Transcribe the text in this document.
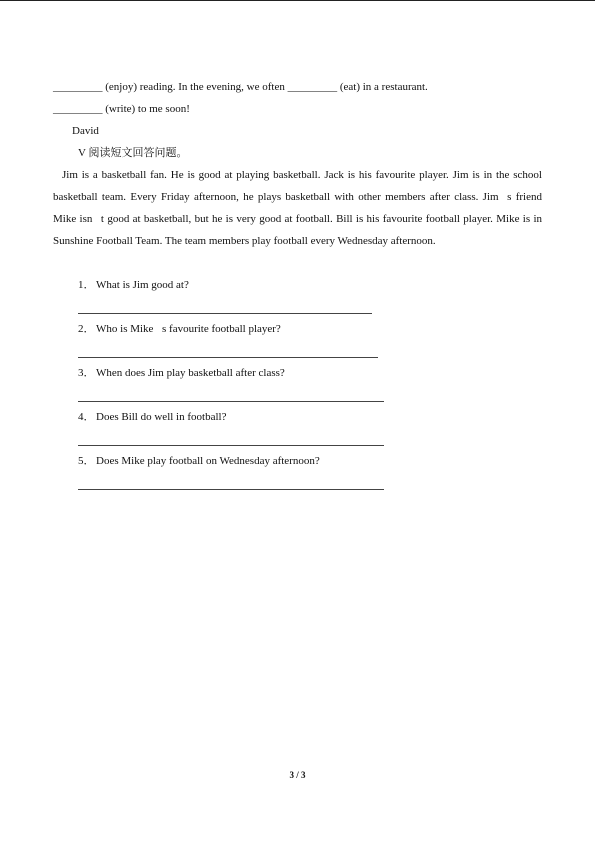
_________ (enjoy) reading. In the evening, we often _________ (eat) in a restaurant.
_________ (write) to me soon!
David
V 阅读短文回答问题。

Jim is a basketball fan. He is good at playing basketball. Jack is his favourite player. Jim is in the school basketball team. Every Friday afternoon, he plays basketball with other members after class. Jim s friend Mike isn t good at basketball, but he is very good at football. Bill is his favourite football player. Mike is in Sunshine Football Team. The team members play football every Wednesday afternoon.

1． What is Jim good at?
2． Who is Mike s favourite football player?
3． When does Jim play basketball after class?
4． Does Bill do well in football?
5． Does Mike play football on Wednesday afternoon?
3 / 3
